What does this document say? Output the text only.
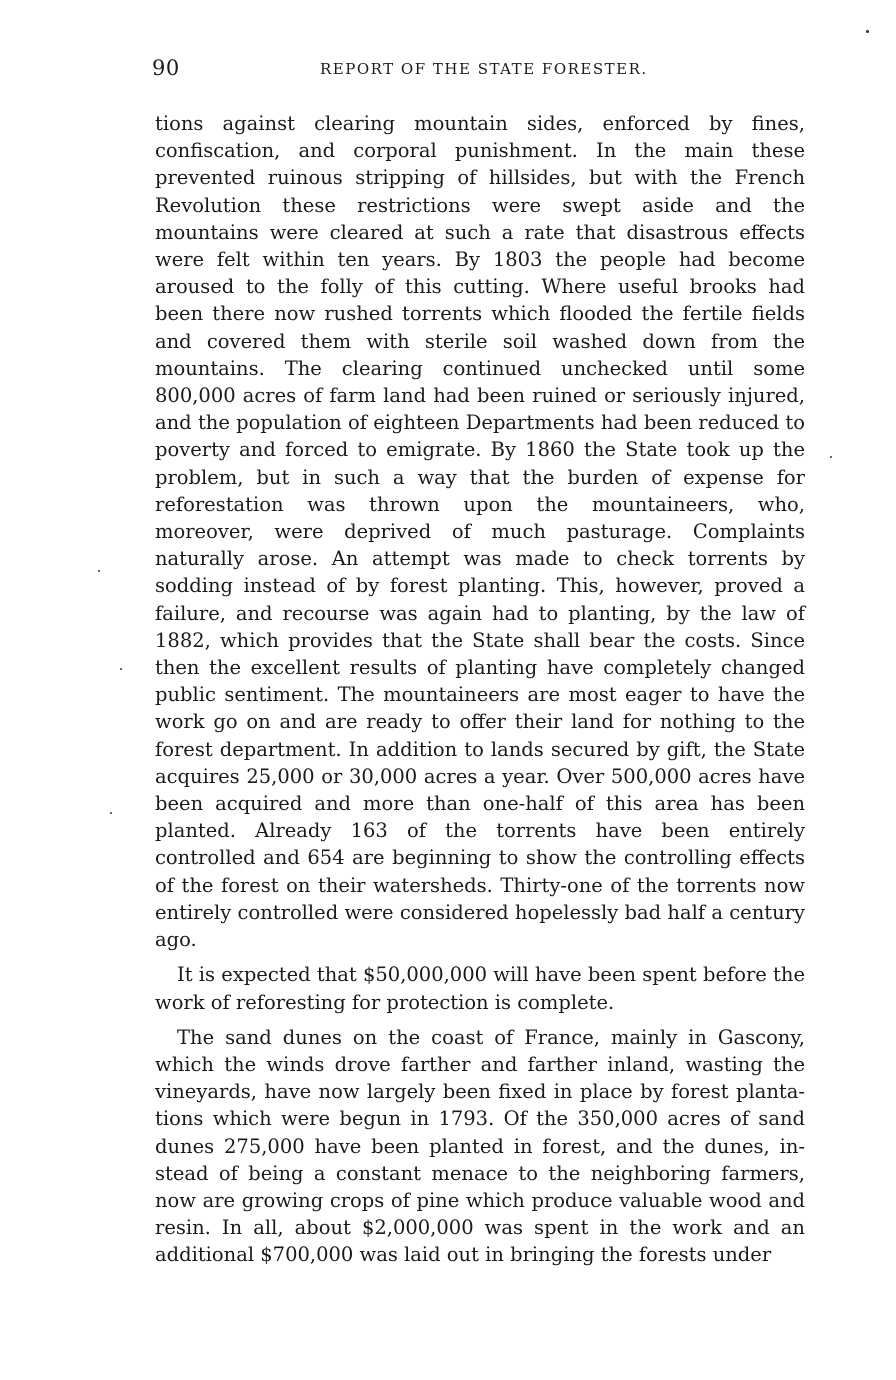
90	REPORT OF THE STATE FORESTER.

tions against clearing mountain sides, enforced by fines, confiscation, and corporal punishment. In the main these prevented ruinous stripping of hillsides, but with the French Revolution these restrictions were swept aside and the mountains were cleared at such a rate that disastrous effects were felt within ten years. By 1803 the people had become aroused to the folly of this cutting. Where useful brooks had been there now rushed torrents which flooded the fertile fields and covered them with sterile soil washed down from the mountains. The clearing continued unchecked until some 800,000 acres of farm land had been ruined or seriously injured, and the population of eighteen Departments had been reduced to poverty and forced to emigrate. By 1860 the State took up the problem, but in such a way that the burden of expense for reforestation was thrown upon the mountaineers, who, moreover, were deprived of much pasturage. Complaints naturally arose. An attempt was made to check torrents by sodding instead of by forest planting. This, however, proved a failure, and recourse was again had to planting, by the law of 1882, which provides that the State shall bear the costs. Since then the excellent results of planting have completely changed public sentiment. The mountaineers are most eager to have the work go on and are ready to offer their land for nothing to the forest department. In addition to lands secured by gift, the State acquires 25,000 or 30,000 acres a year. Over 500,000 acres have been acquired and more than one-half of this area has been planted. Already 163 of the torrents have been entirely controlled and 654 are beginning to show the controlling effects of the forest on their watersheds. Thirty-one of the torrents now entirely controlled were considered hopelessly bad half a century ago.

It is expected that $50,000,000 will have been spent before the work of reforesting for protection is complete.

The sand dunes on the coast of France, mainly in Gascony, which the winds drove farther and farther inland, wasting the vineyards, have now largely been fixed in place by forest plantations which were begun in 1793. Of the 350,000 acres of sand dunes 275,000 have been planted in forest, and the dunes, instead of being a constant menace to the neighboring farmers, now are growing crops of pine which produce valuable wood and resin. In all, about $2,000,000 was spent in the work and an additional $700,000 was laid out in bringing the forests under
